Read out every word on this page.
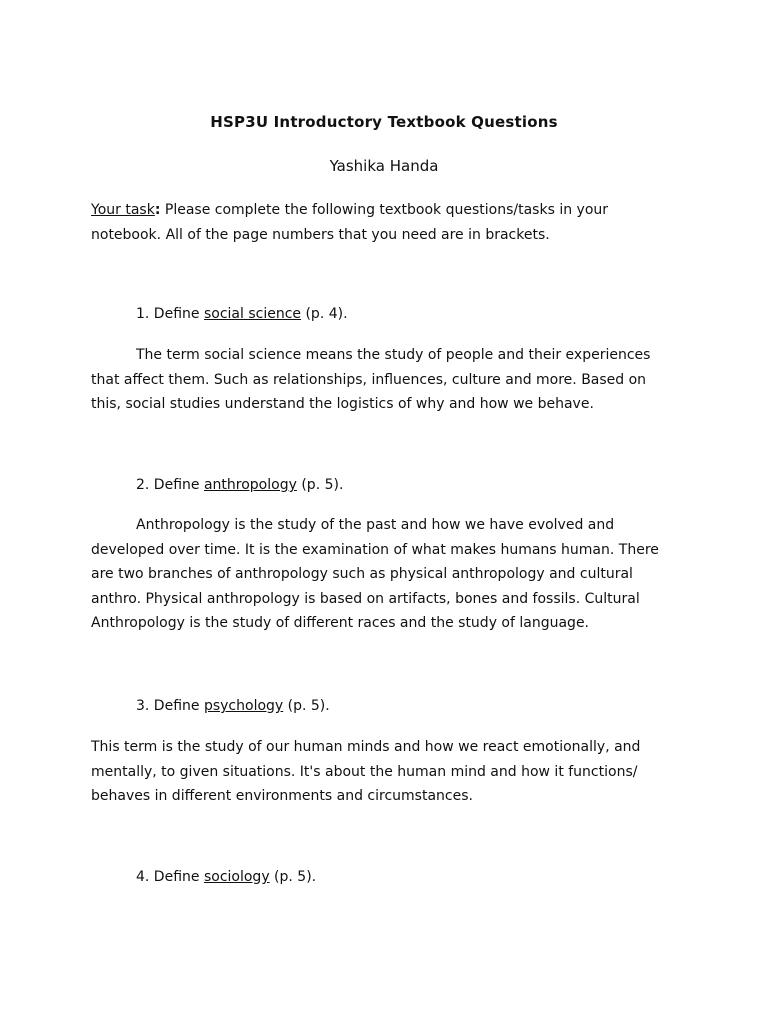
HSP3U Introductory Textbook Questions
Yashika Handa

Your task: Please complete the following textbook questions/tasks in your notebook. All of the page numbers that you need are in brackets.

1. Define social science (p. 4).

The term social science means the study of people and their experiences that affect them. Such as relationships, influences, culture and more. Based on this, social studies understand the logistics of why and how we behave.

2. Define anthropology (p. 5).

Anthropology is the study of the past and how we have evolved and developed over time. It is the examination of what makes humans human. There are two branches of anthropology such as physical anthropology and cultural anthro. Physical anthropology is based on artifacts, bones and fossils. Cultural Anthropology is the study of different races and the study of language.

3. Define psychology (p. 5).

This term is the study of our human minds and how we react emotionally, and mentally, to given situations. It's about the human mind and how it functions/ behaves in different environments and circumstances.

4. Define sociology (p. 5).
